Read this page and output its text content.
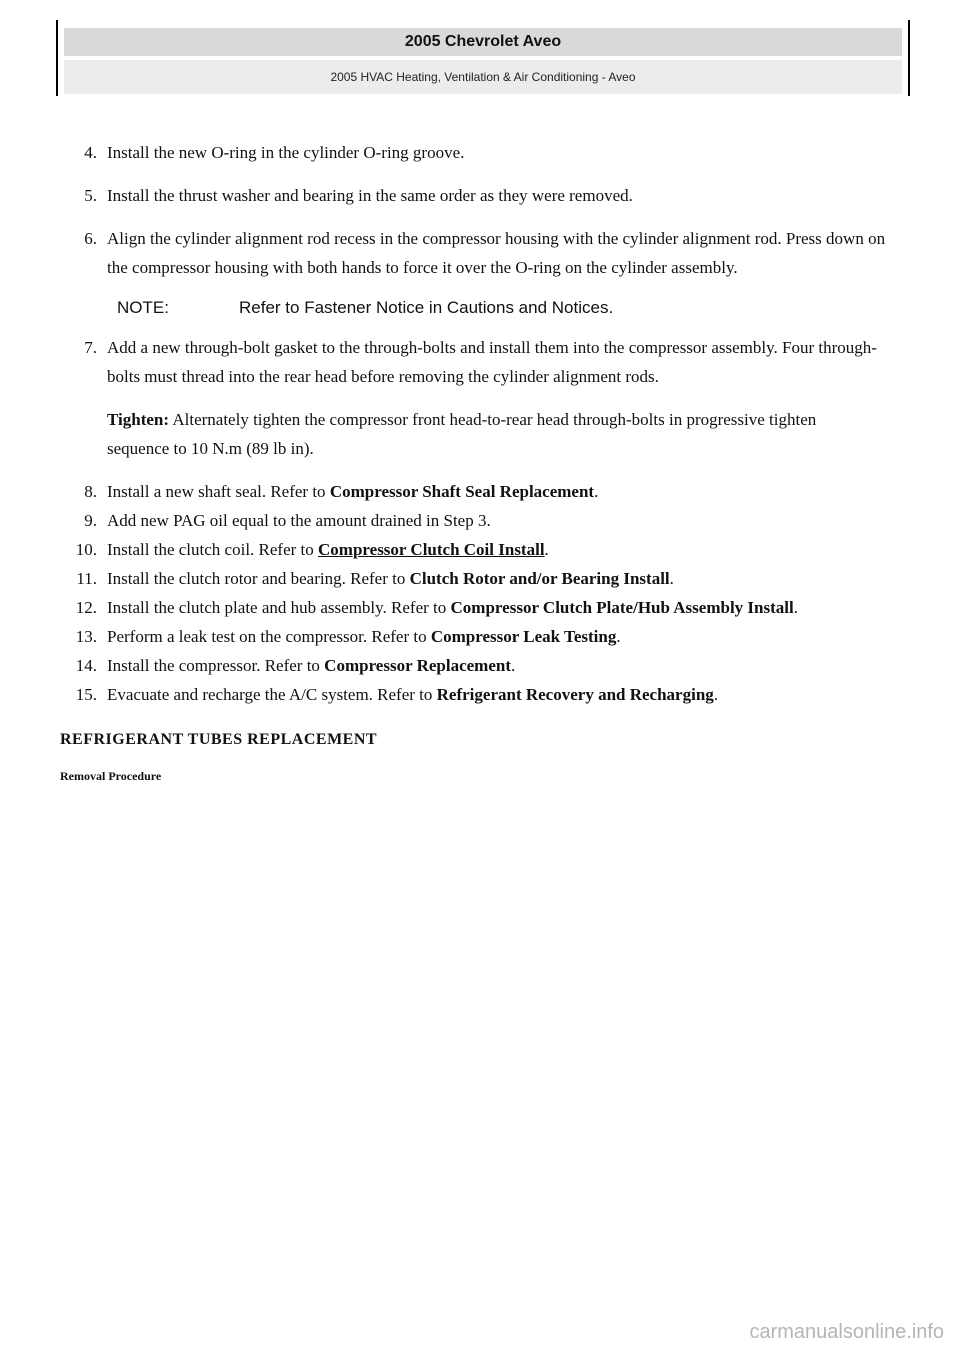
2005 Chevrolet Aveo
2005 HVAC Heating, Ventilation & Air Conditioning - Aveo
4. Install the new O-ring in the cylinder O-ring groove.
5. Install the thrust washer and bearing in the same order as they were removed.
6. Align the cylinder alignment rod recess in the compressor housing with the cylinder alignment rod. Press down on the compressor housing with both hands to force it over the O-ring on the cylinder assembly.
NOTE:	Refer to Fastener Notice in Cautions and Notices.
7. Add a new through-bolt gasket to the through-bolts and install them into the compressor assembly. Four through-bolts must thread into the rear head before removing the cylinder alignment rods.
Tighten: Alternately tighten the compressor front head-to-rear head through-bolts in progressive tighten sequence to 10 N.m (89 lb in).
8. Install a new shaft seal. Refer to Compressor Shaft Seal Replacement.
9. Add new PAG oil equal to the amount drained in Step 3.
10. Install the clutch coil. Refer to Compressor Clutch Coil Install.
11. Install the clutch rotor and bearing. Refer to Clutch Rotor and/or Bearing Install.
12. Install the clutch plate and hub assembly. Refer to Compressor Clutch Plate/Hub Assembly Install.
13. Perform a leak test on the compressor. Refer to Compressor Leak Testing.
14. Install the compressor. Refer to Compressor Replacement.
15. Evacuate and recharge the A/C system. Refer to Refrigerant Recovery and Recharging.
REFRIGERANT TUBES REPLACEMENT
Removal Procedure
carmanualsonline.info
